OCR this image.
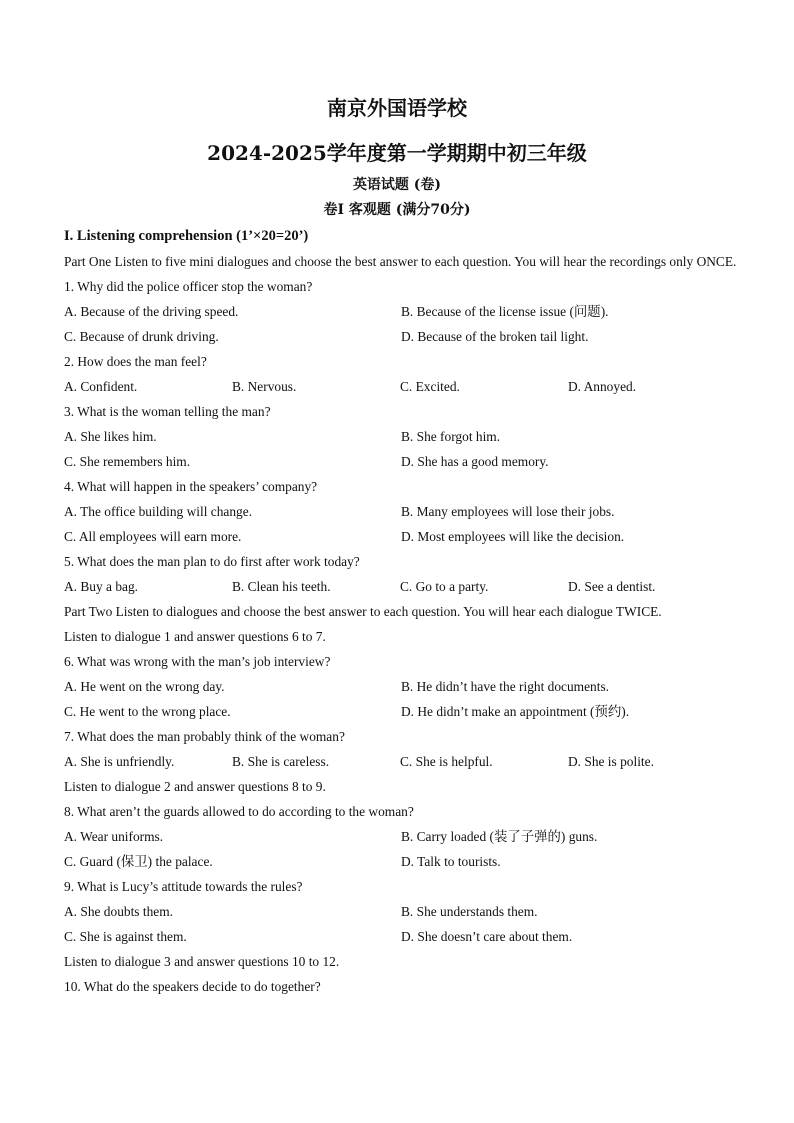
南京外国语学校
2024-2025学年度第一学期期中初三年级
英语试题 (卷)
卷I 客观题 (满分70分)
I. Listening comprehension (1’×20=20’)
Part One Listen to five mini dialogues and choose the best answer to each question. You will hear the recordings only ONCE.
1. Why did the police officer stop the woman?
A. Because of the driving speed.	B. Because of the license issue (问题).
C. Because of drunk driving.	D. Because of the broken tail light.
2. How does the man feel?
A. Confident.	B. Nervous.	C. Excited.	D. Annoyed.
3. What is the woman telling the man?
A. She likes him.	B. She forgot him.
C. She remembers him.	D. She has a good memory.
4. What will happen in the speakers’ company?
A. The office building will change.	B. Many employees will lose their jobs.
C. All employees will earn more.	D. Most employees will like the decision.
5. What does the man plan to do first after work today?
A. Buy a bag.	B. Clean his teeth.	C. Go to a party.	D. See a dentist.
Part Two Listen to dialogues and choose the best answer to each question. You will hear each dialogue TWICE.
Listen to dialogue 1 and answer questions 6 to 7.
6. What was wrong with the man’s job interview?
A. He went on the wrong day.	B. He didn’t have the right documents.
C. He went to the wrong place.	D. He didn’t make an appointment (预约).
7. What does the man probably think of the woman?
A. She is unfriendly.	B. She is careless.	C. She is helpful.	D. She is polite.
Listen to dialogue 2 and answer questions 8 to 9.
8. What aren’t the guards allowed to do according to the woman?
A. Wear uniforms.	B. Carry loaded (装了子弹的) guns.
C. Guard (保卫) the palace.	D. Talk to tourists.
9. What is Lucy’s attitude towards the rules?
A. She doubts them.	B. She understands them.
C. She is against them.	D. She doesn’t care about them.
Listen to dialogue 3 and answer questions 10 to 12.
10. What do the speakers decide to do together?
